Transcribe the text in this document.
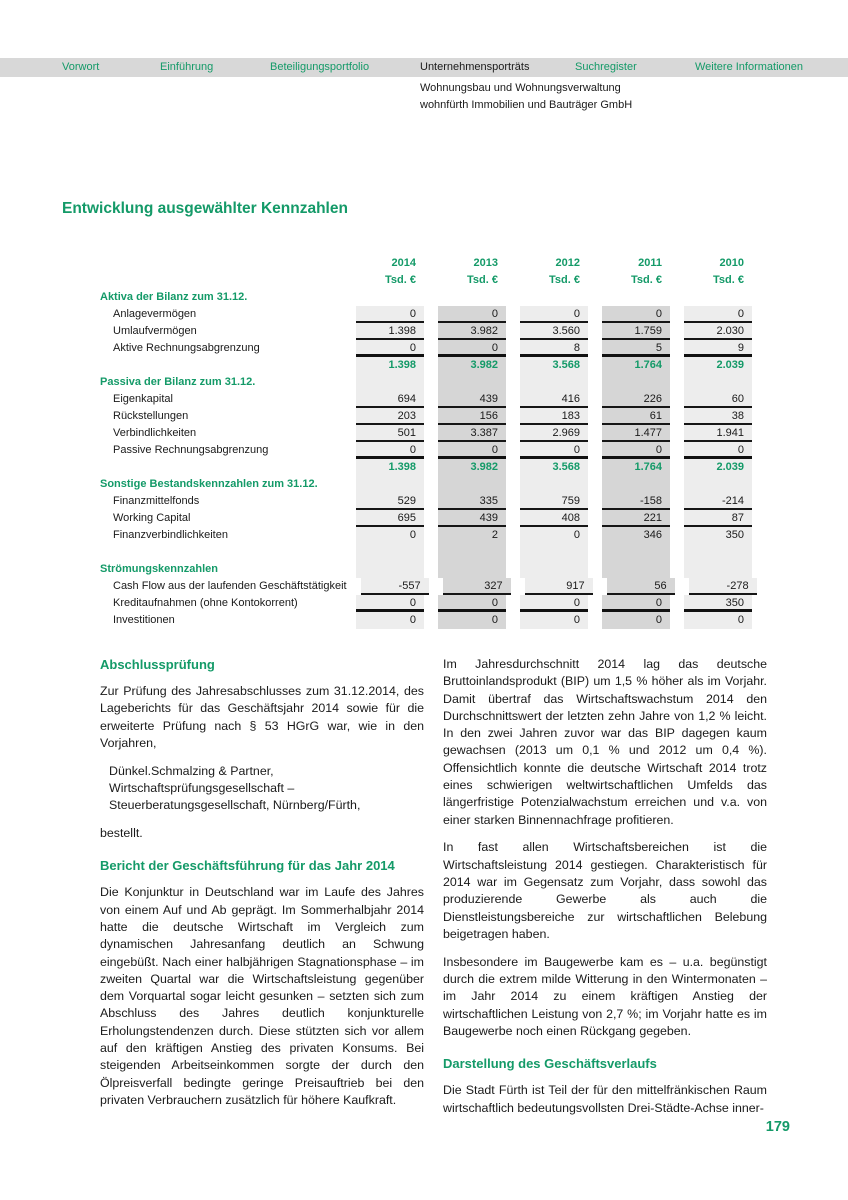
Vorwort	Einführung	Beteiligungsportfolio	Unternehmensporträts	Suchregister	Weitere Informationen
Wohnungsbau und Wohnungsverwaltung
wohnfürth Immobilien und Bauträger GmbH
Entwicklung ausgewählter Kennzahlen
2014	2013	2012	2011	2010
Tsd. €	Tsd. €	Tsd. €	Tsd. €	Tsd. €
Aktiva der Bilanz zum 31.12.
Anlagevermögen	0	0	0	0	0
Umlaufvermögen	1.398	3.982	3.560	1.759	2.030
Aktive Rechnungsabgrenzung	0	0	8	5	9
1.398	3.982	3.568	1.764	2.039
Passiva der Bilanz zum 31.12.
Eigenkapital	694	439	416	226	60
Rückstellungen	203	156	183	61	38
Verbindlichkeiten	501	3.387	2.969	1.477	1.941
Passive Rechnungsabgrenzung	0	0	0	0	0
1.398	3.982	3.568	1.764	2.039
Sonstige Bestandskennzahlen zum 31.12.
Finanzmittelfonds	529	335	759	-158	-214
Working Capital	695	439	408	221	87
Finanzverbindlichkeiten	0	2	0	346	350
Strömungskennzahlen
Cash Flow aus der laufenden Geschäftstätigkeit	-557	327	917	56	-278
Kreditaufnahmen (ohne Kontokorrent)	0	0	0	0	350
Investitionen	0	0	0	0	0
Abschlussprüfung

Zur Prüfung des Jahresabschlusses zum 31.12.2014, des Lageberichts für das Geschäftsjahr 2014 sowie für die erweiterte Prüfung nach § 53 HGrG war, wie in den Vorjahren,

Dünkel.Schmalzing & Partner, Wirtschaftsprüfungsgesellschaft – Steuerberatungsgesellschaft, Nürnberg/Fürth,

bestellt.

Bericht der Geschäftsführung für das Jahr 2014

Die Konjunktur in Deutschland war im Laufe des Jahres von einem Auf und Ab geprägt. Im Sommerhalbjahr 2014 hatte die deutsche Wirtschaft im Vergleich zum dynamischen Jahresanfang deutlich an Schwung eingebüßt. Nach einer halbjährigen Stagnationsphase – im zweiten Quartal war die Wirtschaftsleistung gegenüber dem Vorquartal sogar leicht gesunken – setzten sich zum Abschluss des Jahres deutlich konjunkturelle Erholungstendenzen durch. Diese stützten sich vor allem auf den kräftigen Anstieg des privaten Konsums. Bei steigenden Arbeitseinkommen sorgte der durch den Ölpreisverfall bedingte geringe Preisauftrieb bei den privaten Verbrauchern zusätzlich für höhere Kaufkraft.

Im Jahresdurchschnitt 2014 lag das deutsche Bruttoinlandsprodukt (BIP) um 1,5 % höher als im Vorjahr. Damit übertraf das Wirtschaftswachstum 2014 den Durchschnittswert der letzten zehn Jahre von 1,2 % leicht. In den zwei Jahren zuvor war das BIP dagegen kaum gewachsen (2013 um 0,1 % und 2012 um 0,4 %). Offensichtlich konnte die deutsche Wirtschaft 2014 trotz eines schwierigen weltwirtschaftlichen Umfelds das längerfristige Potenzialwachstum erreichen und v.a. von einer starken Binnennachfrage profitieren.

In fast allen Wirtschaftsbereichen ist die Wirtschaftsleistung 2014 gestiegen. Charakteristisch für 2014 war im Gegensatz zum Vorjahr, dass sowohl das produzierende Gewerbe als auch die Dienstleistungsbereiche zur wirtschaftlichen Belebung beigetragen haben.

Insbesondere im Baugewerbe kam es – u.a. begünstigt durch die extrem milde Witterung in den Wintermonaten – im Jahr 2014 zu einem kräftigen Anstieg der wirtschaftlichen Leistung von 2,7 %; im Vorjahr hatte es im Baugewerbe noch einen Rückgang gegeben.

Darstellung des Geschäftsverlaufs

Die Stadt Fürth ist Teil der für den mittelfränkischen Raum wirtschaftlich bedeutungsvollsten Drei-Städte-Achse inner-

179
